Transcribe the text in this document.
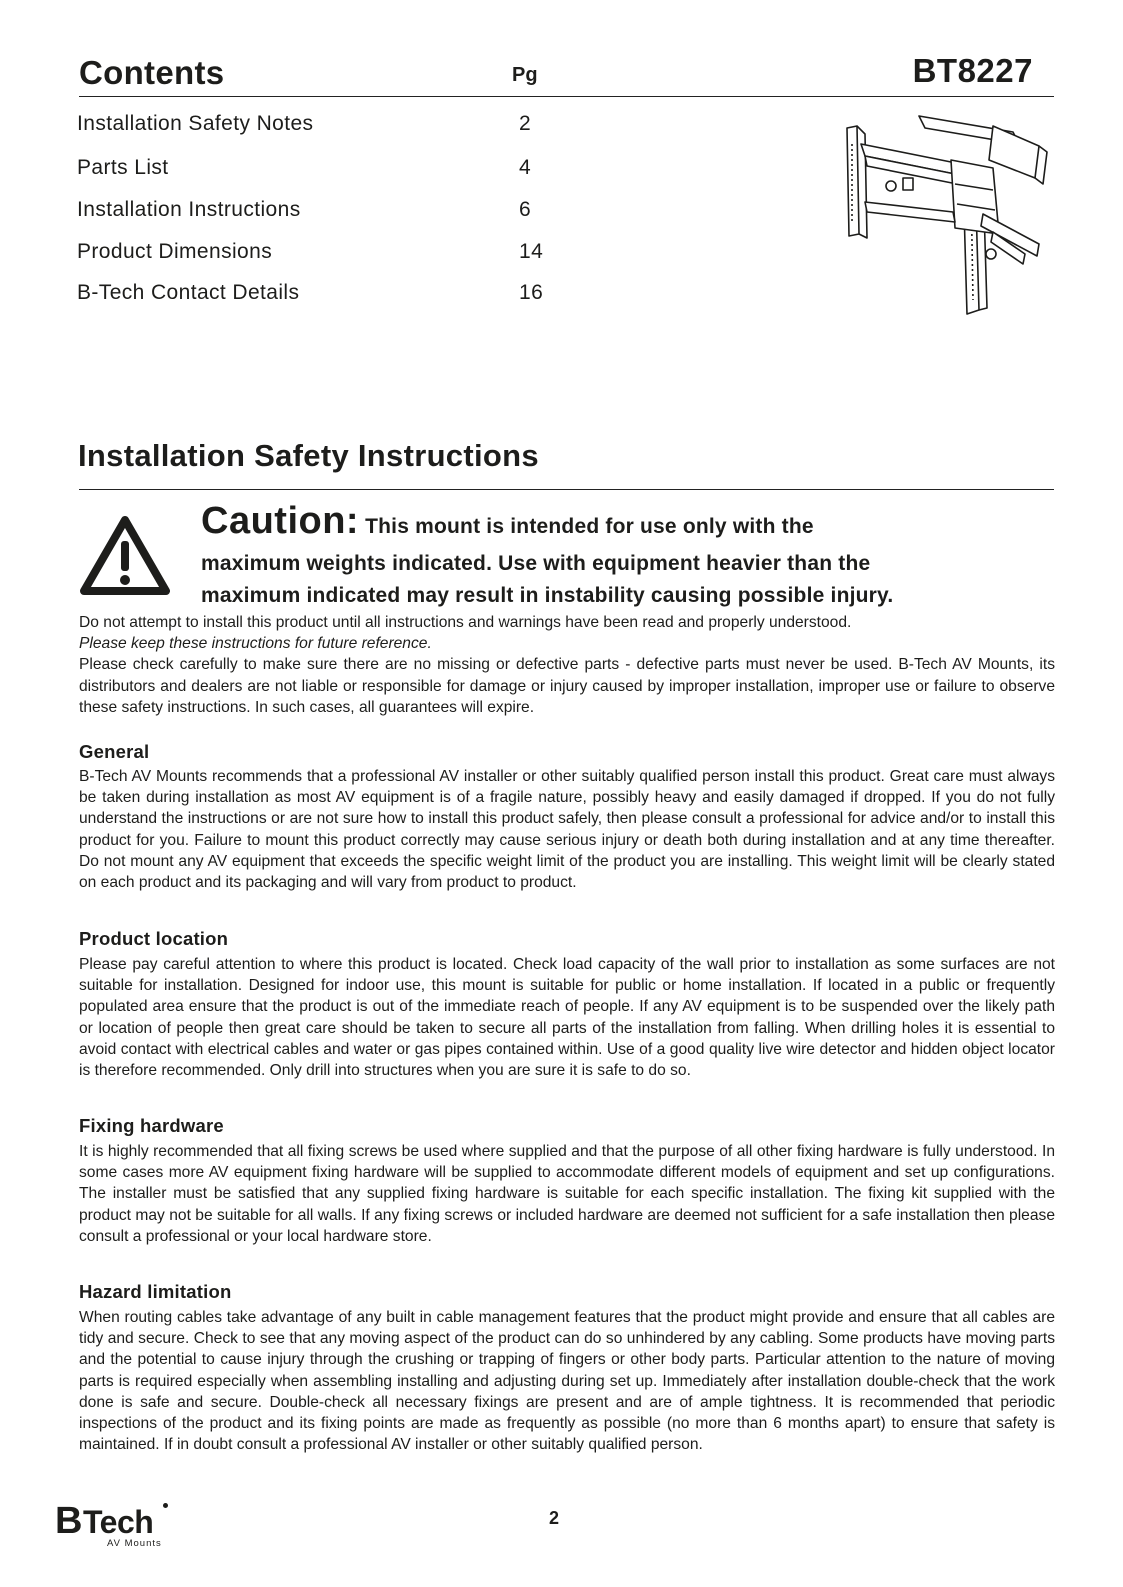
Contents	Pg	BT8227
Installation Safety Notes	2
Parts List	4
Installation Instructions	6
Product Dimensions	14
B-Tech Contact Details	16
Installation Safety Instructions
Caution: This mount is intended for use only with the
maximum weights indicated. Use with equipment heavier than the
maximum indicated may result in instability causing possible injury.

Do not attempt to install this product until all instructions and warnings have been read and properly understood.

Please keep these instructions for future reference.

Please check carefully to make sure there are no missing or defective parts - defective parts must never be used. B-Tech AV Mounts, its distributors and dealers are not liable or responsible for damage or injury caused by improper installation, improper use or failure to observe these safety instructions. In such cases, all guarantees will expire.

General
B-Tech AV Mounts recommends that a professional AV installer or other suitably qualified person install this product. Great care must always be taken during installation as most AV equipment is of a fragile nature, possibly heavy and easily damaged if dropped. If you do not fully understand the instructions or are not sure how to install this product safely, then please consult a professional for advice and/or to install this product for you. Failure to mount this product correctly may cause serious injury or death both during installation and at any time thereafter. Do not mount any AV equipment that exceeds the specific weight limit of the product you are installing. This weight limit will be clearly stated on each product and its packaging and will vary from product to product.
Product location
Please pay careful attention to where this product is located. Check load capacity of the wall prior to installation as some surfaces are not suitable for installation. Designed for indoor use, this mount is suitable for public or home installation. If located in a public or frequently populated area ensure that the product is out of the immediate reach of people. If any AV equipment is to be suspended over the likely path or location of people then great care should be taken to secure all parts of the installation from falling. When drilling holes it is essential to avoid contact with electrical cables and water or gas pipes contained within. Use of a good quality live wire detector and hidden object locator is therefore recommended. Only drill into structures when you are sure it is safe to do so.
Fixing hardware
It is highly recommended that all fixing screws be used where supplied and that the purpose of all other fixing hardware is fully understood. In some cases more AV equipment fixing hardware will be supplied to accommodate different models of equipment and set up configurations. The installer must be satisfied that any supplied fixing hardware is suitable for each specific installation. The fixing kit supplied with the product may not be suitable for all walls. If any fixing screws or included hardware are deemed not sufficient for a safe installation then please consult a professional or your local hardware store.
Hazard limitation
When routing cables take advantage of any built in cable management features that the product might provide and ensure that all cables are tidy and secure. Check to see that any moving aspect of the product can do so unhindered by any cabling. Some products have moving parts and the potential to cause injury through the crushing or trapping of fingers or other body parts. Particular attention to the nature of moving parts is required especially when assembling installing and adjusting during set up. Immediately after installation double-check that the work done is safe and secure. Double-check all necessary fixings are present and are of ample tightness. It is recommended that periodic inspections of the product and its fixing points are made as frequently as possible (no more than 6 months apart) to ensure that safety is maintained. If in doubt consult a professional AV installer or other suitably qualified person.
B Tech
AV Mounts
2
